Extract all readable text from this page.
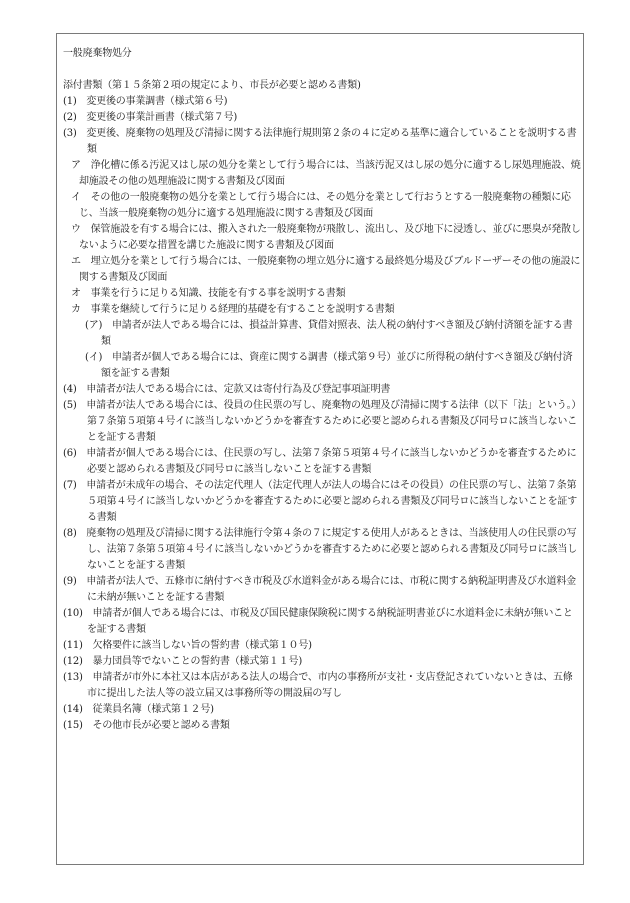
一般廃棄物処分
添付書類（第１５条第２項の規定により、市長が必要と認める書類)
(1)　変更後の事業調書（様式第６号)
(2)　変更後の事業計画書（様式第７号)
(3)　変更後、廃棄物の処理及び清掃に関する法律施行規則第２条の４に定める基準に適合していることを説明する書類
ア　浄化槽に係る汚泥又はし尿の処分を業として行う場合には、当該汚泥又はし尿の処分に適するし尿処理施設、焼却施設その他の処理施設に関する書類及び図面
イ　その他の一般廃棄物の処分を業として行う場合には、その処分を業として行おうとする一般廃棄物の種類に応じ、当該一般廃棄物の処分に適する処理施設に関する書類及び図面
ウ　保管施設を有する場合には、搬入された一般廃棄物が飛散し、流出し、及び地下に浸透し、並びに悪臭が発散しないように必要な措置を講じた施設に関する書類及び図面
エ　埋立処分を業として行う場合には、一般廃棄物の埋立処分に適する最終処分場及びブルドーザーその他の施設に関する書類及び図面
オ　事業を行うに足りる知識、技能を有する事を説明する書類
カ　事業を継続して行うに足りる経理的基礎を有することを説明する書類
(ア)　申請者が法人である場合には、損益計算書、貸借対照表、法人税の納付すべき額及び納付済額を証する書類
(イ)　申請者が個人である場合には、資産に関する調書（様式第９号）並びに所得税の納付すべき額及び納付済額を証する書類
(4)　申請者が法人である場合には、定款又は寄付行為及び登記事項証明書
(5)　申請者が法人である場合には、役員の住民票の写し、廃棄物の処理及び清掃に関する法律（以下「法」という。）第７条第５項第４号イに該当しないかどうかを審査するために必要と認められる書類及び同号ロに該当しないことを証する書類
(6)　申請者が個人である場合には、住民票の写し、法第７条第５項第４号イに該当しないかどうかを審査するために必要と認められる書類及び同号ロに該当しないことを証する書類
(7)　申請者が未成年の場合、その法定代理人（法定代理人が法人の場合にはその役員）の住民票の写し、法第７条第５項第４号イに該当しないかどうかを審査するために必要と認められる書類及び同号ロに該当しないことを証する書類
(8)　廃棄物の処理及び清掃に関する法律施行令第４条の７に規定する使用人があるときは、当該使用人の住民票の写し、法第７条第５項第４号イに該当しないかどうかを審査するために必要と認められる書類及び同号ロに該当しないことを証する書類
(9)　申請者が法人で、五條市に納付すべき市税及び水道料金がある場合には、市税に関する納税証明書及び水道料金に未納が無いことを証する書類
(10)　申請者が個人である場合には、市税及び国民健康保険税に関する納税証明書並びに水道料金に未納が無いことを証する書類
(11)　欠格要件に該当しない旨の誓約書（様式第１０号)
(12)　暴力団員等でないことの誓約書（様式第１１号)
(13)　申請者が市外に本社又は本店がある法人の場合で、市内の事務所が支社・支店登記されていないときは、五條市に提出した法人等の設立届又は事務所等の開設届の写し
(14)　従業員名簿（様式第１２号)
(15)　その他市長が必要と認める書類
